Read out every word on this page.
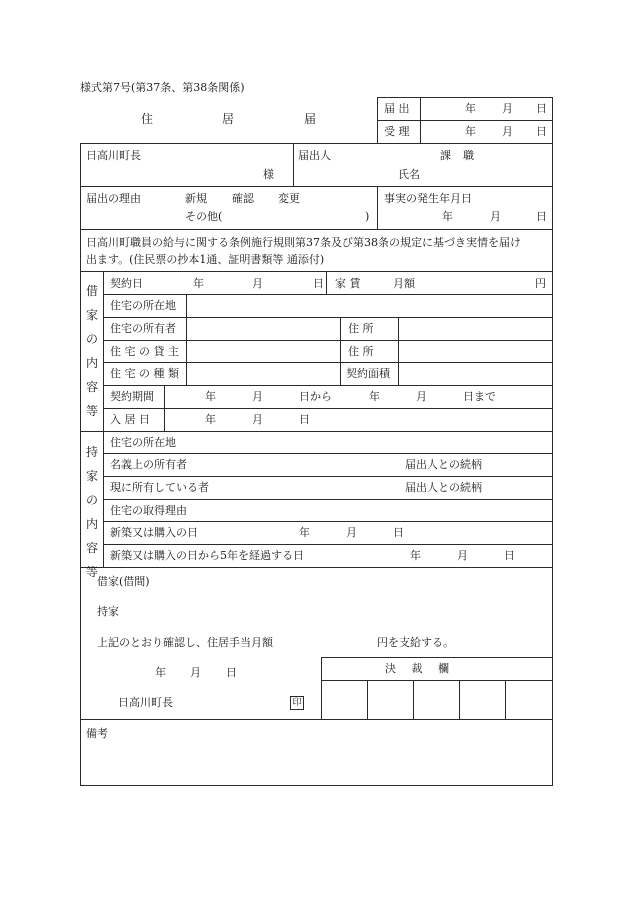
様式第7号(第37条、第38条関係)
住	居	届
届 出	年 月 日
受 理	年 月 日
日高川町長
様
届出人	課 職
氏名
届出の理由	新規 確認 変更
その他(	)
事実の発生年月日
年	月	日
日高川町職員の給与に関する条例施行規則第37条及び第38条の規定に基づき実情を届け
出ます。(住民票の抄本1通、証明書類等 通添付)
借
家
の
内
容
等
契約日	年	月	日 家 賃	月額	円
住宅の所在地
住宅の所有者	住 所
住 宅 の 貸 主	住 所
住 宅 の 種 類	契約面積
契約期間	年	月	日から	年	月	日まで
入 居 日	年	月	日
持
家
の
内
容
等
住宅の所在地
名義上の所有者	届出人との続柄
現に所有している者	届出人との続柄
住宅の取得理由
新築又は購入の日	年	月	日
新築又は購入の日から5年を経過する日	年	月	日
借家(借間)
持家
上記のとおり確認し、住居手当月額	円を支給する。
年 月 日
日高川町長	印
決 裁 欄
備考
